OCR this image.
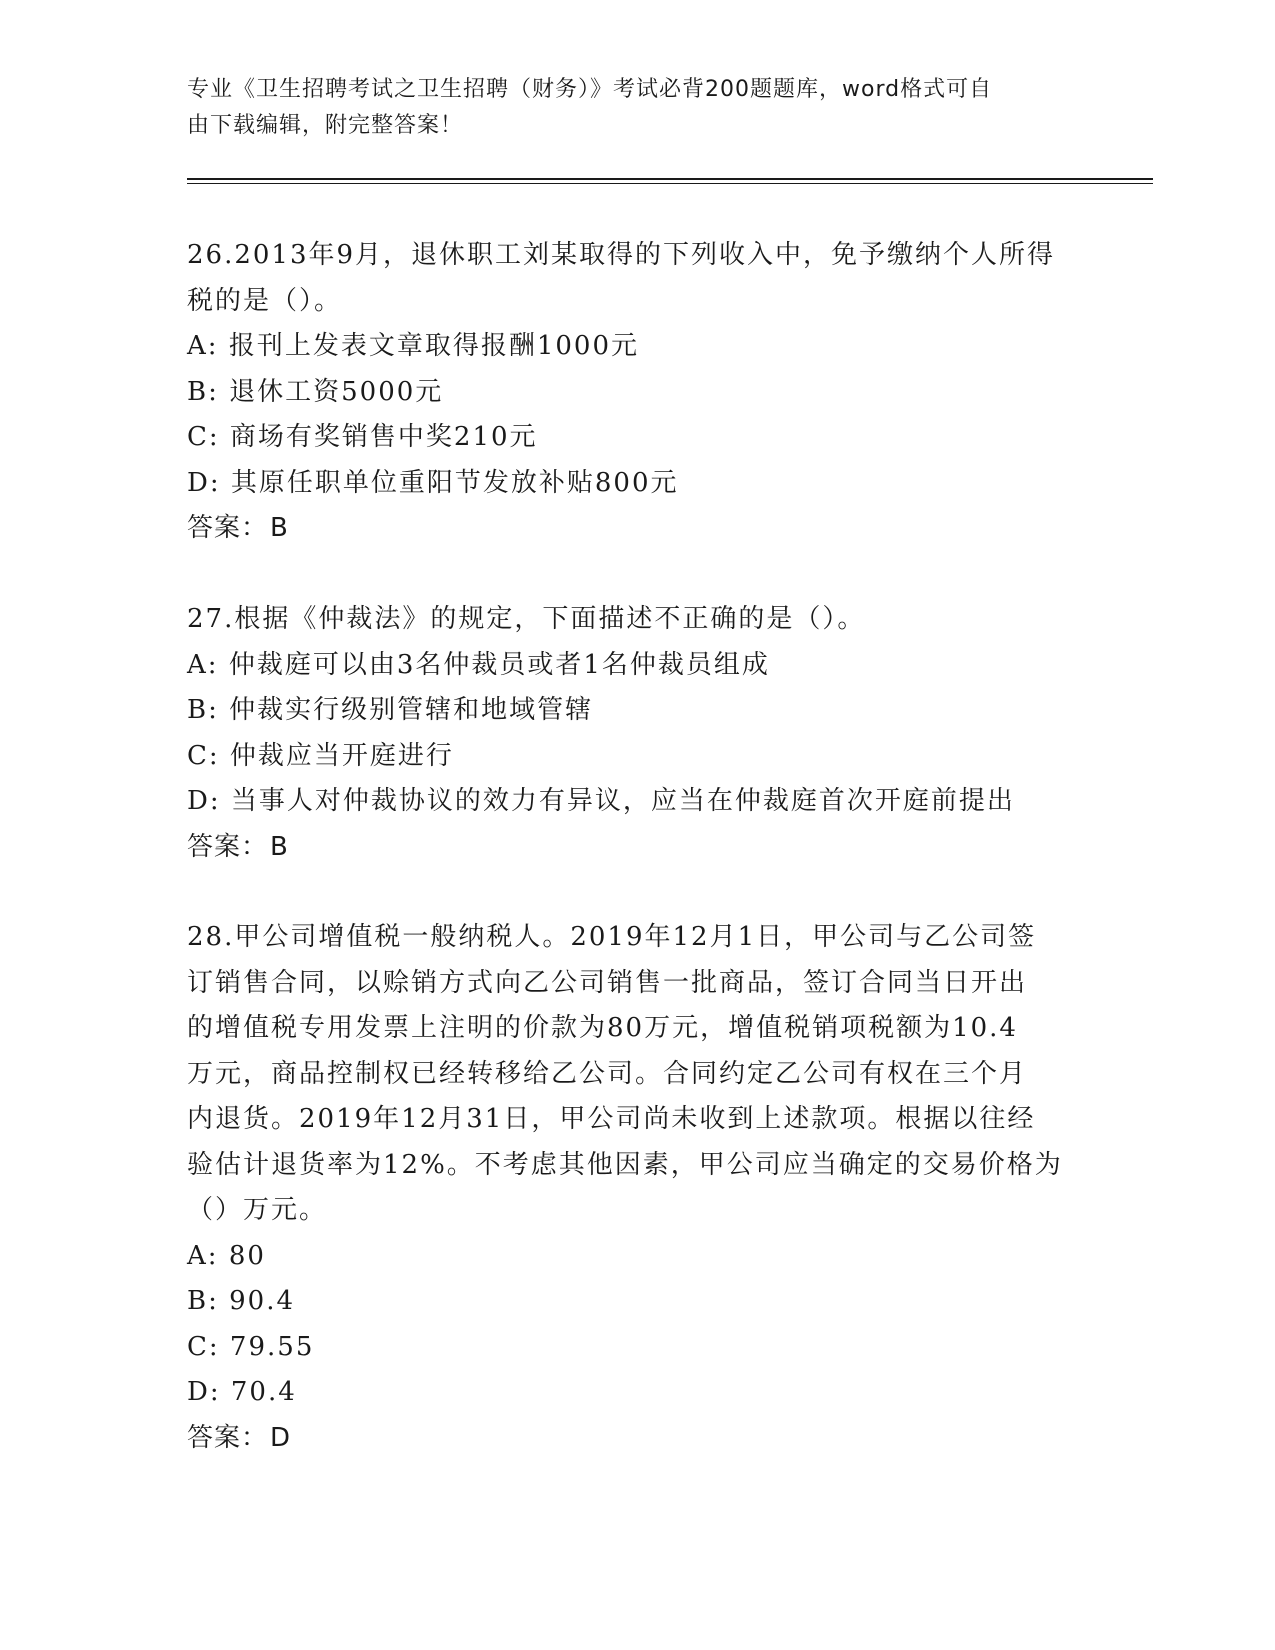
专业《卫生招聘考试之卫生招聘（财务）》考试必背200题题库，word格式可自
由下载编辑，附完整答案！
26.2013年9月，退休职工刘某取得的下列收入中，免予缴纳个人所得
税的是（）。
A: 报刊上发表文章取得报酬1000元
B: 退休工资5000元
C: 商场有奖销售中奖210元
D: 其原任职单位重阳节发放补贴800元
答案：B
27.根据《仲裁法》的规定，下面描述不正确的是（）。
A: 仲裁庭可以由3名仲裁员或者1名仲裁员组成
B: 仲裁实行级别管辖和地域管辖
C: 仲裁应当开庭进行
D: 当事人对仲裁协议的效力有异议，应当在仲裁庭首次开庭前提出
答案：B
28.甲公司增值税一般纳税人。2019年12月1日，甲公司与乙公司签
订销售合同，以赊销方式向乙公司销售一批商品，签订合同当日开出
的增值税专用发票上注明的价款为80万元，增值税销项税额为10.4
万元，商品控制权已经转移给乙公司。合同约定乙公司有权在三个月
内退货。2019年12月31日，甲公司尚未收到上述款项。根据以往经
验估计退货率为12%。不考虑其他因素，甲公司应当确定的交易价格为
（）万元。
A: 80
B: 90.4
C: 79.55
D: 70.4
答案：D
